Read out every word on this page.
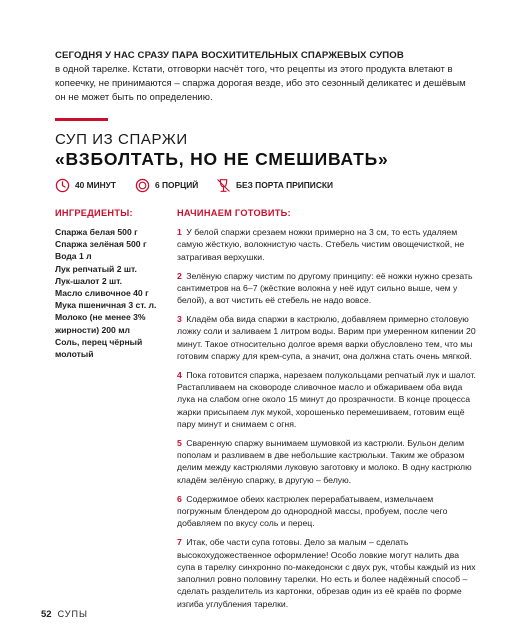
СЕГОДНЯ У НАС СРАЗУ ПАРА ВОСХИТИТЕЛЬНЫХ СПАРЖЕВЫХ СУПОВ
в одной тарелке. Кстати, отговорки насчёт того, что рецепты из этого продукта влетают в копеечку, не принимаются – спаржа дорогая везде, ибо это сезонный деликатес и дешёвым он не может быть по определению.
СУП ИЗ СПАРЖИ
«ВЗБОЛТАТЬ, НО НЕ СМЕШИВАТЬ»
40 МИНУТ	6 ПОРЦИЙ	БЕЗ ПОРТА ПРИПИСКИ
ИНГРЕДИЕНТЫ:	НАЧИНАЕМ ГОТОВИТЬ:
Спаржа белая 500 г
Спаржа зелёная 500 г
Вода 1 л
Лук репчатый 2 шт.
Лук-шалот 2 шт.
Масло сливочное 40 г
Мука пшеничная 3 ст. л.
Молоко (не менее 3% жирности) 200 мл
Соль, перец чёрный молотый

1 У белой спаржи срезаем ножки примерно на 3 см, то есть удаляем самую жёсткую, волокнистую часть. Стебель чистим овощечисткой, не затрагивая верхушки.

2 Зелёную спаржу чистим по другому принципу: её ножки нужно срезать сантиметров на 6–7 (жёсткие волокна у неё идут сильно выше, чем у белой), а вот чистить её стебель не надо вовсе.

3 Кладём оба вида спаржи в кастрюлю, добавляем примерно столовую ложку соли и заливаем 1 литром воды. Варим при умеренном кипении 20 минут. Такое относительно долгое время варки обусловлено тем, что мы готовим спаржу для крем-супа, а значит, она должна стать очень мягкой.

4 Пока готовится спаржа, нарезаем полукольцами репчатый лук и шалот. Растапливаем на сковороде сливочное масло и обжариваем оба вида лука на слабом огне около 15 минут до прозрачности. В конце процесса жарки присыпаем лук мукой, хорошенько перемешиваем, готовим ещё пару минут и снимаем с огня.

5 Сваренную спаржу вынимаем шумовкой из кастрюли. Бульон делим пополам и разливаем в две небольшие кастрюльки. Таким же образом делим между кастрюлями луковую заготовку и молоко. В одну кастрюлю кладём зелёную спаржу, в другую – белую.

6 Содержимое обеих кастрюлек перерабатываем, измельчаем погружным блендером до однородной массы, пробуем, после чего добавляем по вкусу соль и перец.

7 Итак, обе части супа готовы. Дело за малым – сделать высокохудожественное оформление! Особо ловкие могут налить два супа в тарелку синхронно по-македонски с двух рук, чтобы каждый из них заполнил ровно половину тарелки. Но есть и более надёжный способ – сделать разделитель из картонки, обрезав один из её краёв по форме изгиба углубления тарелки.

52 СУПЫ
